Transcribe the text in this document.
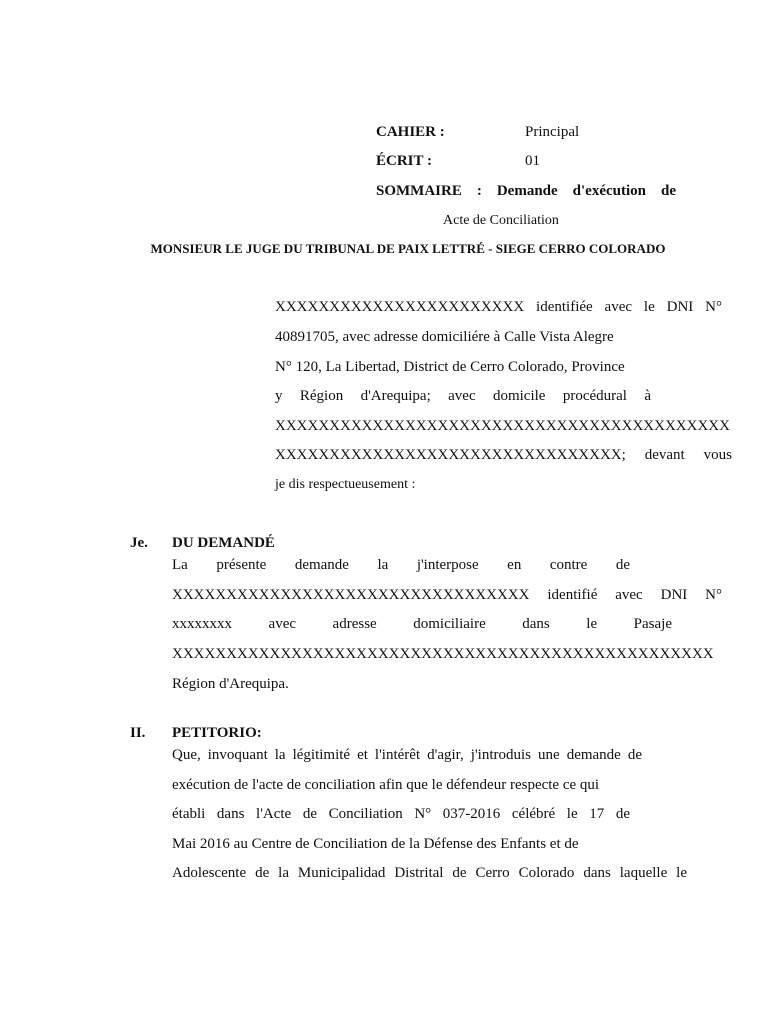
CAHIER :	Principal
ÉCRIT :	01
SOMMAIRE : Demande d'exécution de
Acte de Conciliation
MONSIEUR LE JUGE DU TRIBUNAL DE PAIX LETTRÉ - SIEGE CERRO COLORADO
XXXXXXXXXXXXXXXXXXXXXXX identifiée avec le DNI N°
40891705, avec adresse domiciliére à Calle Vista Alegre
N° 120, La Libertad, District de Cerro Colorado, Province
y Région d'Arequipa; avec domicile procédural à
XXXXXXXXXXXXXXXXXXXXXXXXXXXXXXXXXXXXXXXXXX
XXXXXXXXXXXXXXXXXXXXXXXXXXXXXXXX; devant vous
je dis respectueusement :
Je. DU DEMANDÉ
La présente demande la j'interpose en contre de
XXXXXXXXXXXXXXXXXXXXXXXXXXXXXXXXX identifié avec DNI N°
xxxxxxxx avec adresse domiciliaire dans le Pasaje
XXXXXXXXXXXXXXXXXXXXXXXXXXXXXXXXXXXXXXXXXXXXXXXXXX
Région d'Arequipa.
II. PETITORIO:
Que, invoquant la légitimité et l'intérêt d'agir, j'introduis une demande de
exécution de l'acte de conciliation afin que le défendeur respecte ce qui
établi dans l'Acte de Conciliation N° 037-2016 célébré le 17 de
Mai 2016 au Centre de Conciliation de la Défense des Enfants et de
Adolescente de la Municipalidad Distrital de Cerro Colorado dans laquelle le
